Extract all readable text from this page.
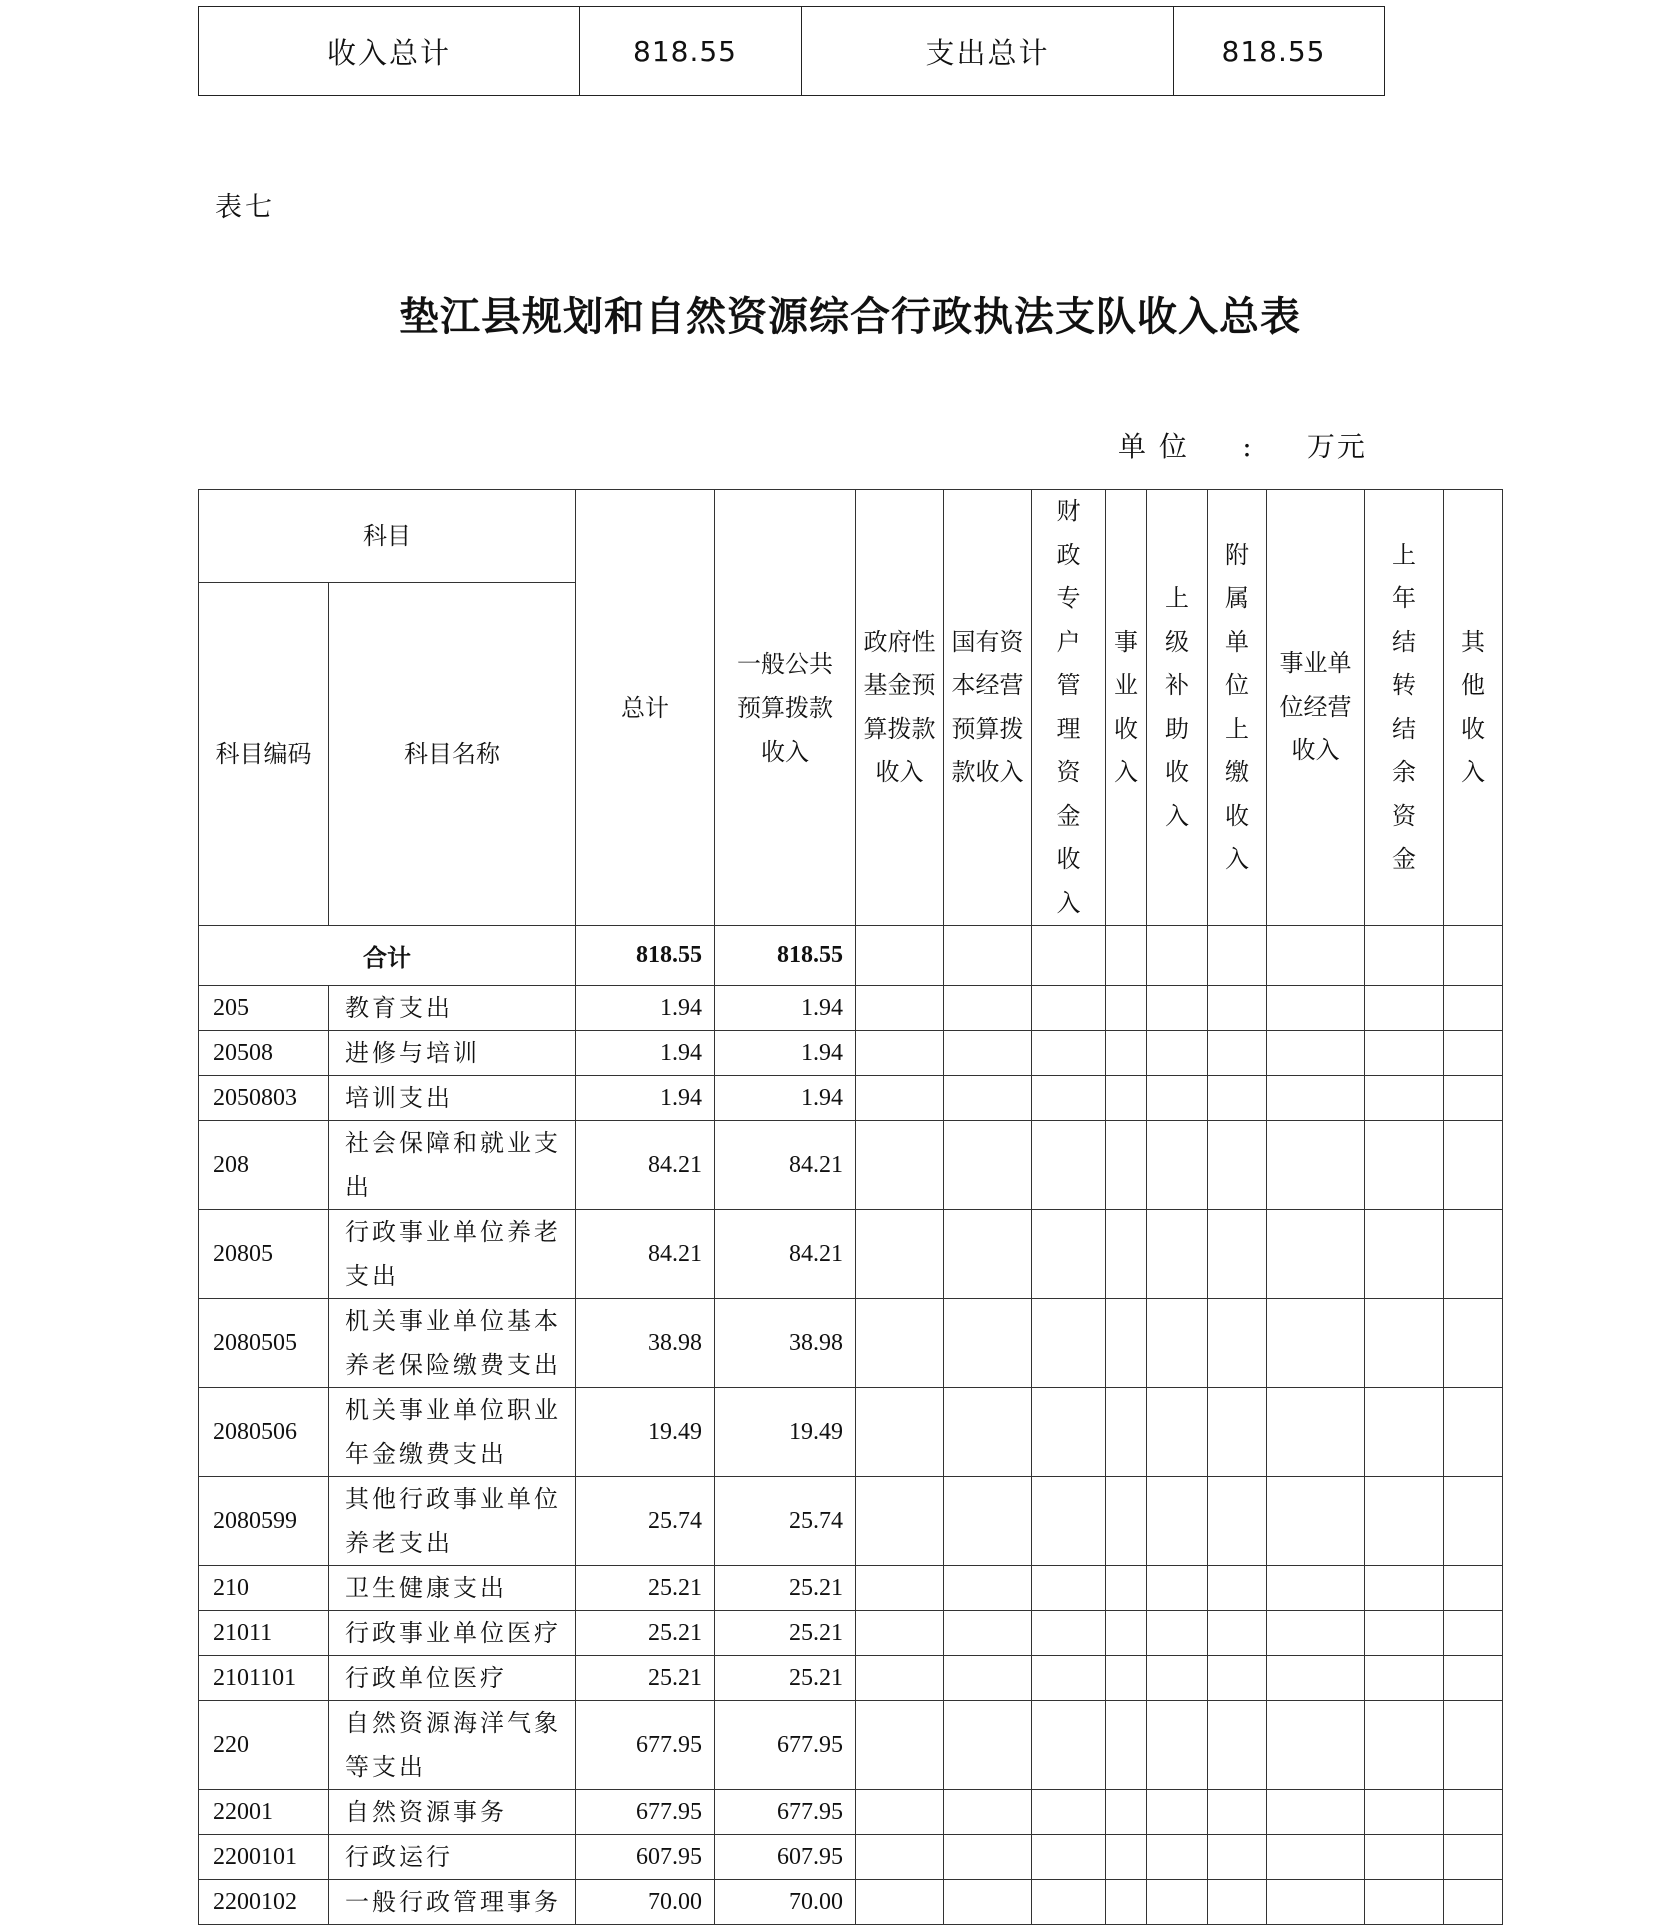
收入总计	818.55	支出总计	818.55
表七
垫江县规划和自然资源综合行政执法支队收入总表
单 位 : 万元
科目		总计	一般公共预算拨款收入	政府性基金预算拨款收入	国有资本经营预算拨款收入	财政专户管理资金收入	事业收入	上级补助收入	附属单位上缴收入	事业单位经营收入	上年结转结余资金	其他收入
科目编码	科目名称											
合计		818.55	818.55									
205	教育支出	1.94	1.94									
20508	进修与培训	1.94	1.94									
2050803	培训支出	1.94	1.94									
208	社会保障和就业支出	84.21	84.21									
20805	行政事业单位养老支出	84.21	84.21									
2080505	机关事业单位基本养老保险缴费支出	38.98	38.98									
2080506	机关事业单位职业年金缴费支出	19.49	19.49									
2080599	其他行政事业单位养老支出	25.74	25.74									
210	卫生健康支出	25.21	25.21									
21011	行政事业单位医疗	25.21	25.21									
2101101	行政单位医疗	25.21	25.21									
220	自然资源海洋气象等支出	677.95	677.95									
22001	自然资源事务	677.95	677.95									
2200101	行政运行	607.95	607.95									
2200102	一般行政管理事务	70.00	70.00									
